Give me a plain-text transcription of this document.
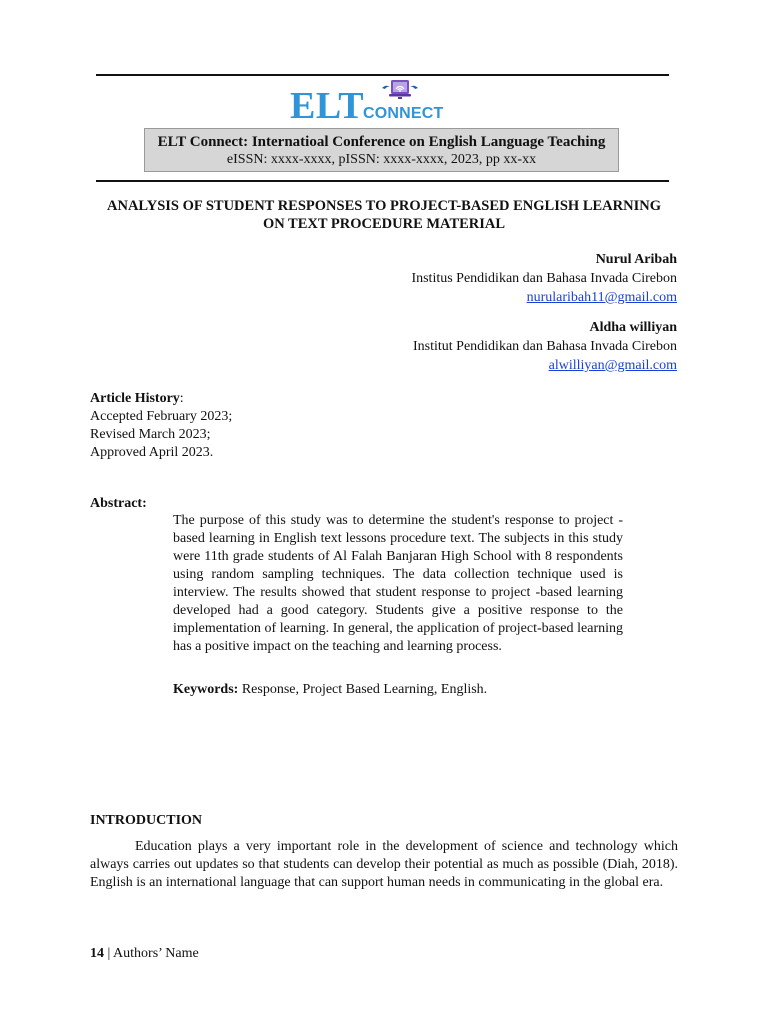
ELT
CONNECT
ELT Connect: Internatioal Conference on English Language Teaching
eISSN: xxxx-xxxx, pISSN: xxxx-xxxx, 2023, pp xx-xx
ANALYSIS OF STUDENT RESPONSES TO PROJECT-BASED ENGLISH LEARNING
ON TEXT PROCEDURE MATERIAL
Nurul Aribah
Institus Pendidikan dan Bahasa Invada Cirebon
nurularibah11@gmail.com
Aldha williyan
Institut Pendidikan dan Bahasa Invada Cirebon
alwilliyan@gmail.com
Article History:
Accepted February 2023;
Revised March 2023;
Approved April 2023.
Abstract:
The purpose of this study was to determine the student's response to project -based learning in English text lessons procedure text. The subjects in this study were 11th grade students of Al Falah Banjaran High School with 8 respondents using random sampling techniques. The data collection technique used is interview. The results showed that student response to project -based learning developed had a good category. Students give a positive response to the implementation of learning. In general, the application of project-based learning has a positive impact on the teaching and learning process.
Keywords: Response, Project Based Learning, English.
INTRODUCTION
Education plays a very important role in the development of science and technology which always carries out updates so that students can develop their potential as much as possible (Diah, 2018). English is an international language that can support human needs in communicating in the global era.
14 | Authors’ Name
